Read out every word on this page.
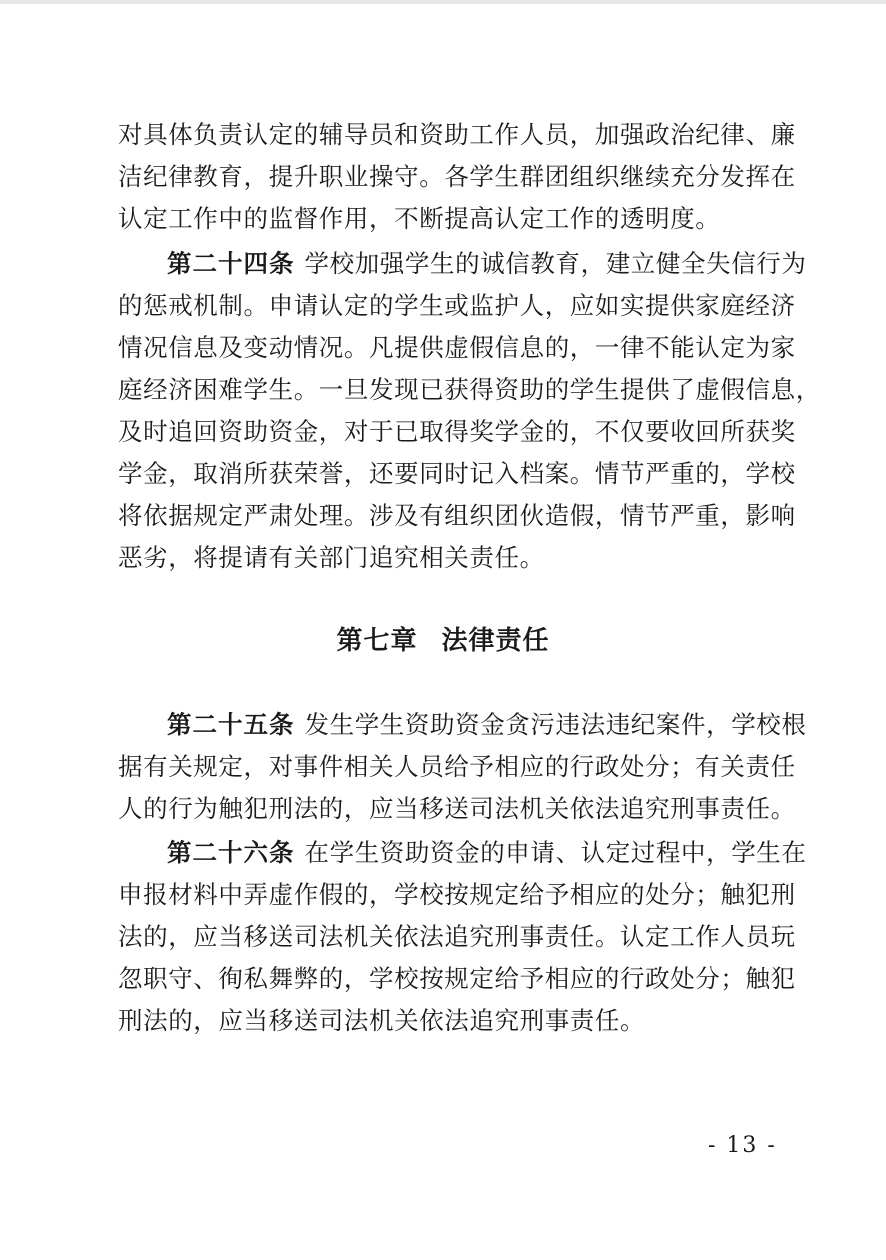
对具体负责认定的辅导员和资助工作人员，加强政治纪律、廉
洁纪律教育，提升职业操守。各学生群团组织继续充分发挥在
认定工作中的监督作用，不断提高认定工作的透明度。
第二十四条 学校加强学生的诚信教育，建立健全失信行为
的惩戒机制。申请认定的学生或监护人，应如实提供家庭经济
情况信息及变动情况。凡提供虚假信息的，一律不能认定为家
庭经济困难学生。一旦发现已获得资助的学生提供了虚假信息，
及时追回资助资金，对于已取得奖学金的，不仅要收回所获奖
学金，取消所获荣誉，还要同时记入档案。情节严重的，学校
将依据规定严肃处理。涉及有组织团伙造假，情节严重，影响
恶劣，将提请有关部门追究相关责任。
第七章 法律责任
第二十五条 发生学生资助资金贪污违法违纪案件，学校根
据有关规定，对事件相关人员给予相应的行政处分；有关责任
人的行为触犯刑法的，应当移送司法机关依法追究刑事责任。
第二十六条 在学生资助资金的申请、认定过程中，学生在
申报材料中弄虚作假的，学校按规定给予相应的处分；触犯刑
法的，应当移送司法机关依法追究刑事责任。认定工作人员玩
忽职守、徇私舞弊的，学校按规定给予相应的行政处分；触犯
刑法的，应当移送司法机关依法追究刑事责任。
- 13 -
